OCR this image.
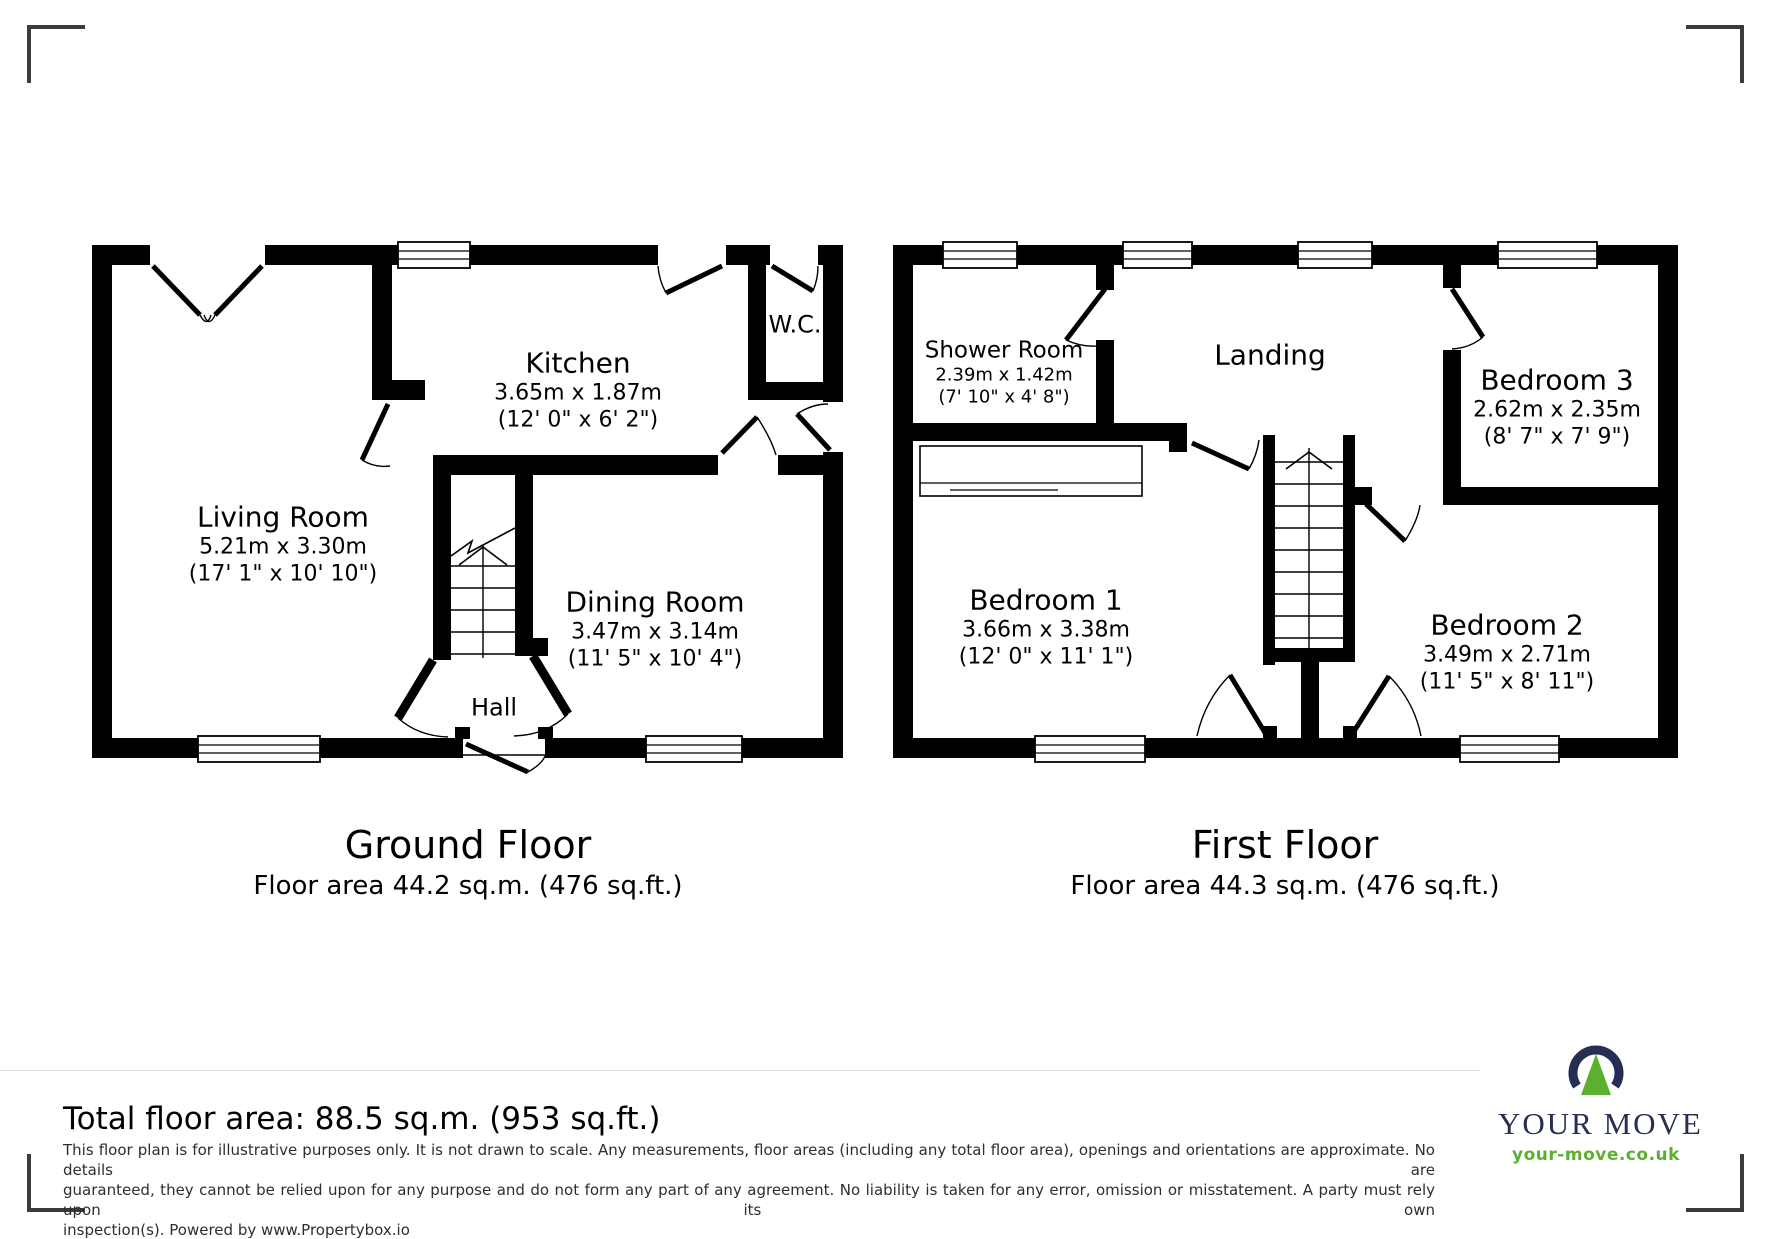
Living Room
5.21m x 3.30m
(17' 1" x 10' 10")
Kitchen
3.65m x 1.87m
(12' 0" x 6' 2")
Dining Room
3.47m x 3.14m
(11' 5" x 10' 4")
Hall
W.C.
Shower Room
2.39m x 1.42m
(7' 10" x 4' 8")
Landing
Bedroom 1
3.66m x 3.38m
(12' 0" x 11' 1")
Bedroom 2
3.49m x 2.71m
(11' 5" x 8' 11")
Bedroom 3
2.62m x 2.35m
(8' 7" x 7' 9")
Ground Floor
Floor area 44.2 sq.m. (476 sq.ft.)
First Floor
Floor area 44.3 sq.m. (476 sq.ft.)
Total floor area: 88.5 sq.m. (953 sq.ft.)
This floor plan is for illustrative purposes only. It is not drawn to scale. Any measurements, floor areas (including any total floor area), openings and orientations are approximate. No details are
guaranteed, they cannot be relied upon for any purpose and do not form any part of any agreement. No liability is taken for any error, omission or misstatement. A party must rely upon its own
inspection(s). Powered by www.Propertybox.io
YOUR MOVE
your-move.co.uk
